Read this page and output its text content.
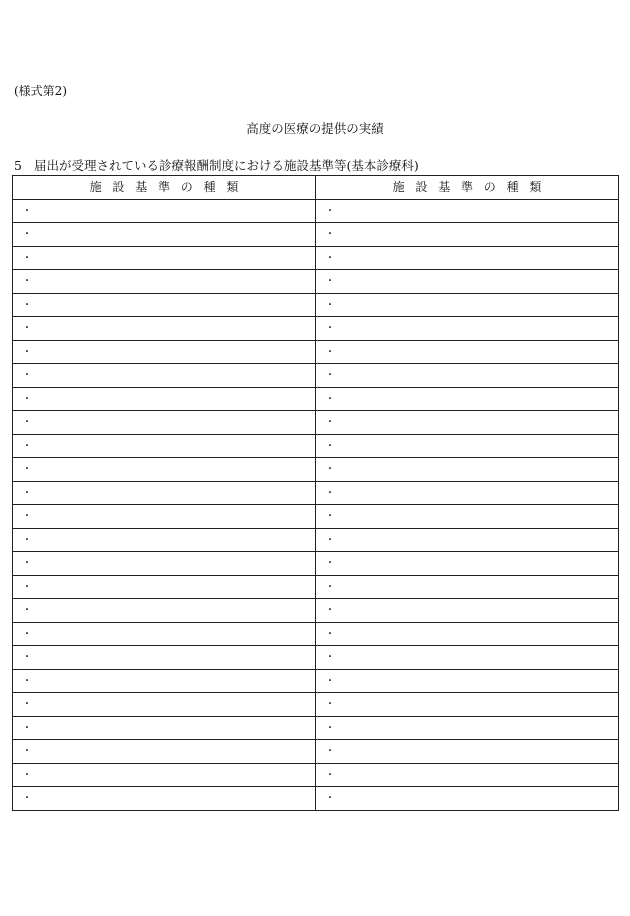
(様式第2)
高度の医療の提供の実績
5 届出が受理されている診療報酬制度における施設基準等(基本診療科)
施設基準の種類	施設基準の種類
・	・
・	・
・	・
・	・
・	・
・	・
・	・
・	・
・	・
・	・
・	・
・	・
・	・
・	・
・	・
・	・
・	・
・	・
・	・
・	・
・	・
・	・
・	・
・	・
・	・
・	・
